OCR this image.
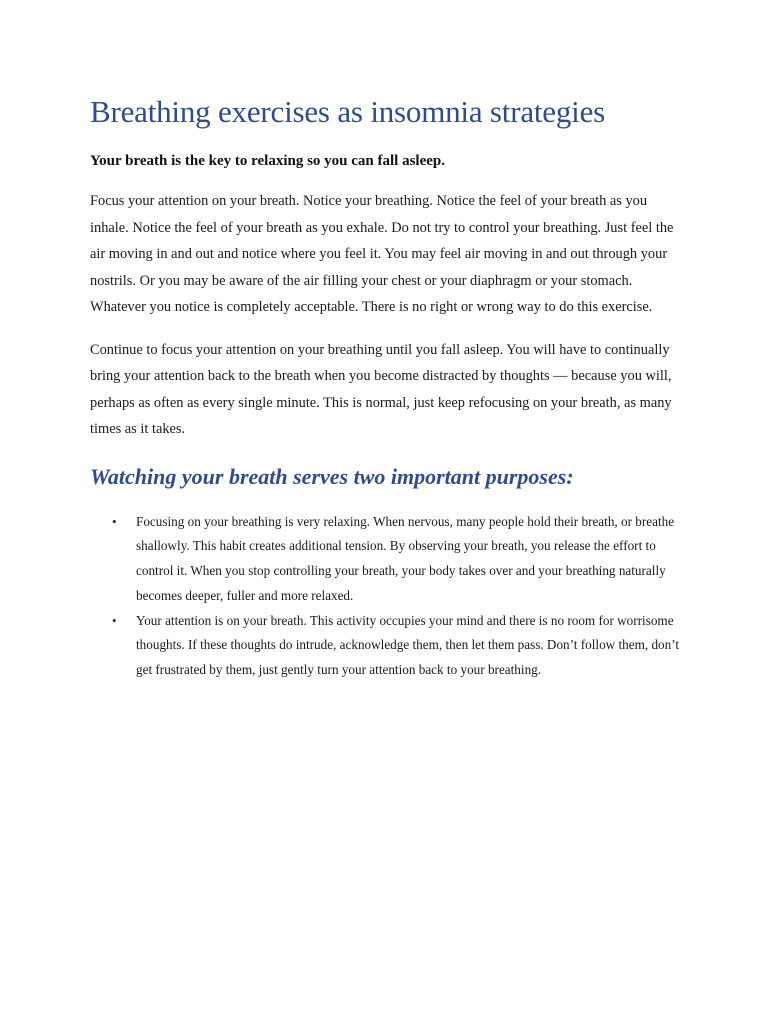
Breathing exercises as insomnia strategies

Your breath is the key to relaxing so you can fall asleep.

Focus your attention on your breath. Notice your breathing. Notice the feel of your breath as you inhale. Notice the feel of your breath as you exhale. Do not try to control your breathing. Just feel the air moving in and out and notice where you feel it. You may feel air moving in and out through your nostrils. Or you may be aware of the air filling your chest or your diaphragm or your stomach. Whatever you notice is completely acceptable. There is no right or wrong way to do this exercise.

Continue to focus your attention on your breathing until you fall asleep. You will have to continually bring your attention back to the breath when you become distracted by thoughts — because you will, perhaps as often as every single minute. This is normal, just keep refocusing on your breath, as many times as it takes.

Watching your breath serves two important purposes:
• Focusing on your breathing is very relaxing. When nervous, many people hold their breath, or breathe shallowly. This habit creates additional tension. By observing your breath, you release the effort to control it. When you stop controlling your breath, your body takes over and your breathing naturally becomes deeper, fuller and more relaxed.
• Your attention is on your breath. This activity occupies your mind and there is no room for worrisome thoughts. If these thoughts do intrude, acknowledge them, then let them pass. Don’t follow them, don’t get frustrated by them, just gently turn your attention back to your breathing.
